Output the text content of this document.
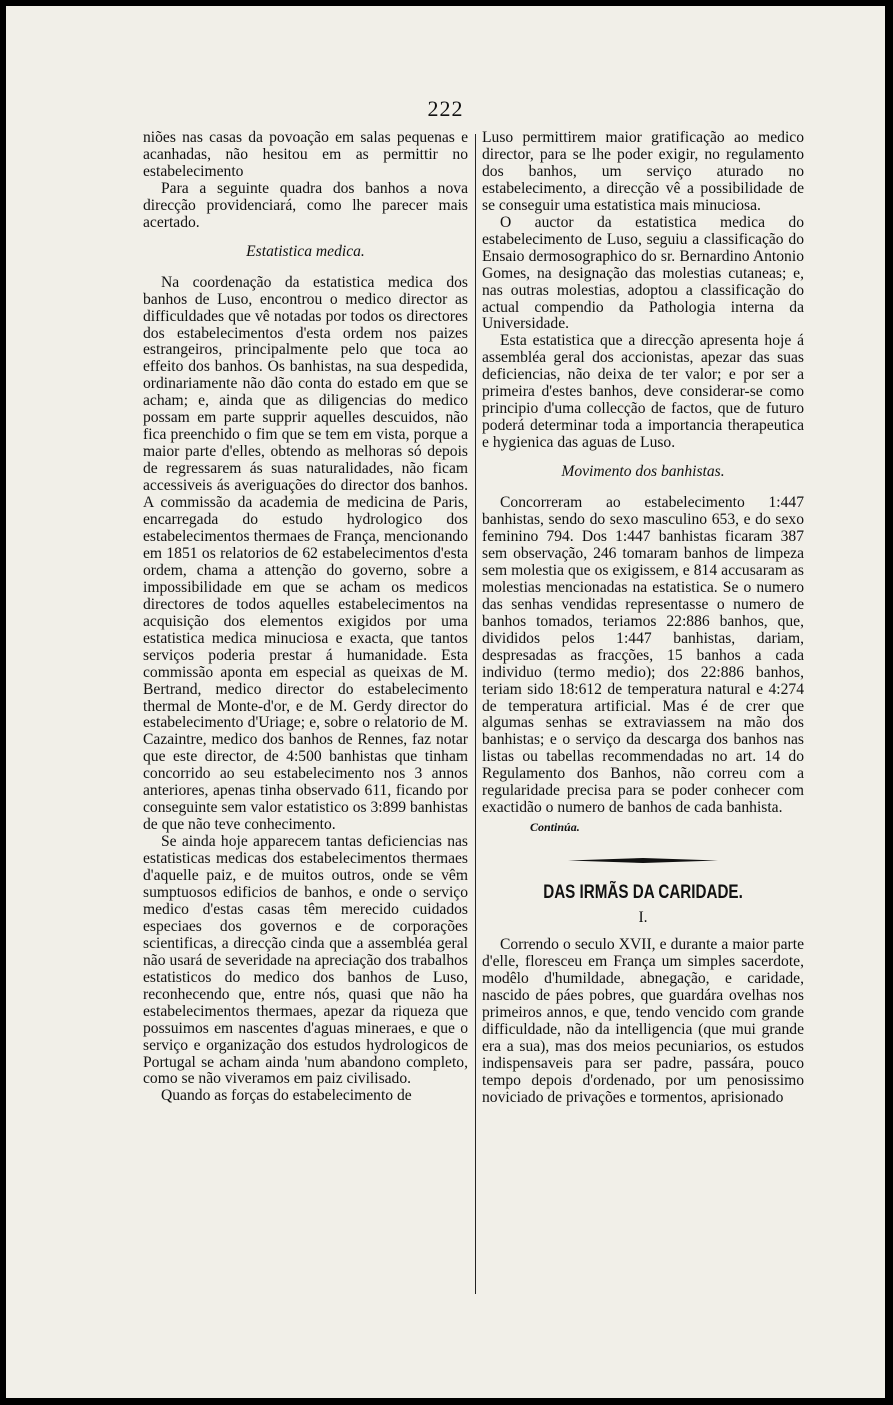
222

niões nas casas da povoação em salas pequenas e acanhadas, não hesitou em as permittir no estabelecimento

Para a seguinte quadra dos banhos a nova direcção providenciará, como lhe parecer mais acertado.

Estatistica medica.

Na coordenação da estatistica medica dos banhos de Luso, encontrou o medico director as difficuldades que vê notadas por todos os directores dos estabelecimentos d'esta ordem nos paizes estrangeiros, principalmente pelo que toca ao effeito dos banhos. Os banhistas, na sua despedida, ordinariamente não dão conta do estado em que se acham; e, ainda que as diligencias do medico possam em parte supprir aquelles descuidos, não fica preenchido o fim que se tem em vista, porque a maior parte d'elles, obtendo as melhoras só depois de regressarem ás suas naturalidades, não ficam accessiveis ás averiguações do director dos banhos. A commissão da academia de medicina de Paris, encarregada do estudo hydrologico dos estabelecimentos thermaes de França, mencionando em 1851 os relatorios de 62 estabelecimentos d'esta ordem, chama a attenção do governo, sobre a impossibilidade em que se acham os medicos directores de todos aquelles estabelecimentos na acquisição dos elementos exigidos por uma estatistica medica minuciosa e exacta, que tantos serviços poderia prestar á humanidade. Esta commissão aponta em especial as queixas de M. Bertrand, medico director do estabelecimento thermal de Monte-d'or, e de M. Gerdy director do estabelecimento d'Uriage; e, sobre o relatorio de M. Cazaintre, medico dos banhos de Rennes, faz notar que este director, de 4:500 banhistas que tinham concorrido ao seu estabelecimento nos 3 annos anteriores, apenas tinha observado 611, ficando por conseguinte sem valor estatistico os 3:899 banhistas de que não teve conhecimento.

Se ainda hoje apparecem tantas deficiencias nas estatisticas medicas dos estabelecimentos thermaes d'aquelle paiz, e de muitos outros, onde se vêm sumptuosos edificios de banhos, e onde o serviço medico d'estas casas têm merecido cuidados especiaes dos governos e de corporações scientificas, a direcção cinda que a assembléa geral não usará de severidade na apreciação dos trabalhos estatisticos do medico dos banhos de Luso, reconhecendo que, entre nós, quasi que não ha estabelecimentos thermaes, apezar da riqueza que possuimos em nascentes d'aguas mineraes, e que o serviço e organização dos estudos hydrologicos de Portugal se acham ainda 'num abandono completo, como se não viveramos em paiz civilisado.

Quando as forças do estabelecimento de

Luso permittirem maior gratificação ao medico director, para se lhe poder exigir, no regulamento dos banhos, um serviço aturado no estabelecimento, a direcção vê a possibilidade de se conseguir uma estatistica mais minuciosa.

O auctor da estatistica medica do estabelecimento de Luso, seguiu a classificação do Ensaio dermosographico do sr. Bernardino Antonio Gomes, na designação das molestias cutaneas; e, nas outras molestias, adoptou a classificação do actual compendio da Pathologia interna da Universidade.

Esta estatistica que a direcção apresenta hoje á assembléa geral dos accionistas, apezar das suas deficiencias, não deixa de ter valor; e por ser a primeira d'estes banhos, deve considerar-se como principio d'uma collecção de factos, que de futuro poderá determinar toda a importancia therapeutica e hygienica das aguas de Luso.

Movimento dos banhistas.

Concorreram ao estabelecimento 1:447 banhistas, sendo do sexo masculino 653, e do sexo feminino 794. Dos 1:447 banhistas ficaram 387 sem observação, 246 tomaram banhos de limpeza sem molestia que os exigissem, e 814 accusaram as molestias mencionadas na estatistica. Se o numero das senhas vendidas representasse o numero de banhos tomados, teriamos 22:886 banhos, que, divididos pelos 1:447 banhistas, dariam, despresadas as fracções, 15 banhos a cada individuo (termo medio); dos 22:886 banhos, teriam sido 18:612 de temperatura natural e 4:274 de temperatura artificial. Mas é de crer que algumas senhas se extraviassem na mão dos banhistas; e o serviço da descarga dos banhos nas listas ou tabellas recommendadas no art. 14 do Regulamento dos Banhos, não correu com a regularidade precisa para se poder conhecer com exactidão o numero de banhos de cada banhista.

Continúa.

DAS IRMÃS DA CARIDADE.

I.

Correndo o seculo XVII, e durante a maior parte d'elle, floresceu em França um simples sacerdote, modêlo d'humildade, abnegação, e caridade, nascido de páes pobres, que guardára ovelhas nos primeiros annos, e que, tendo vencido com grande difficuldade, não da intelligencia (que mui grande era a sua), mas dos meios pecuniarios, os estudos indispensaveis para ser padre, passára, pouco tempo depois d'ordenado, por um penosissimo noviciado de privações e tormentos, aprisionado
